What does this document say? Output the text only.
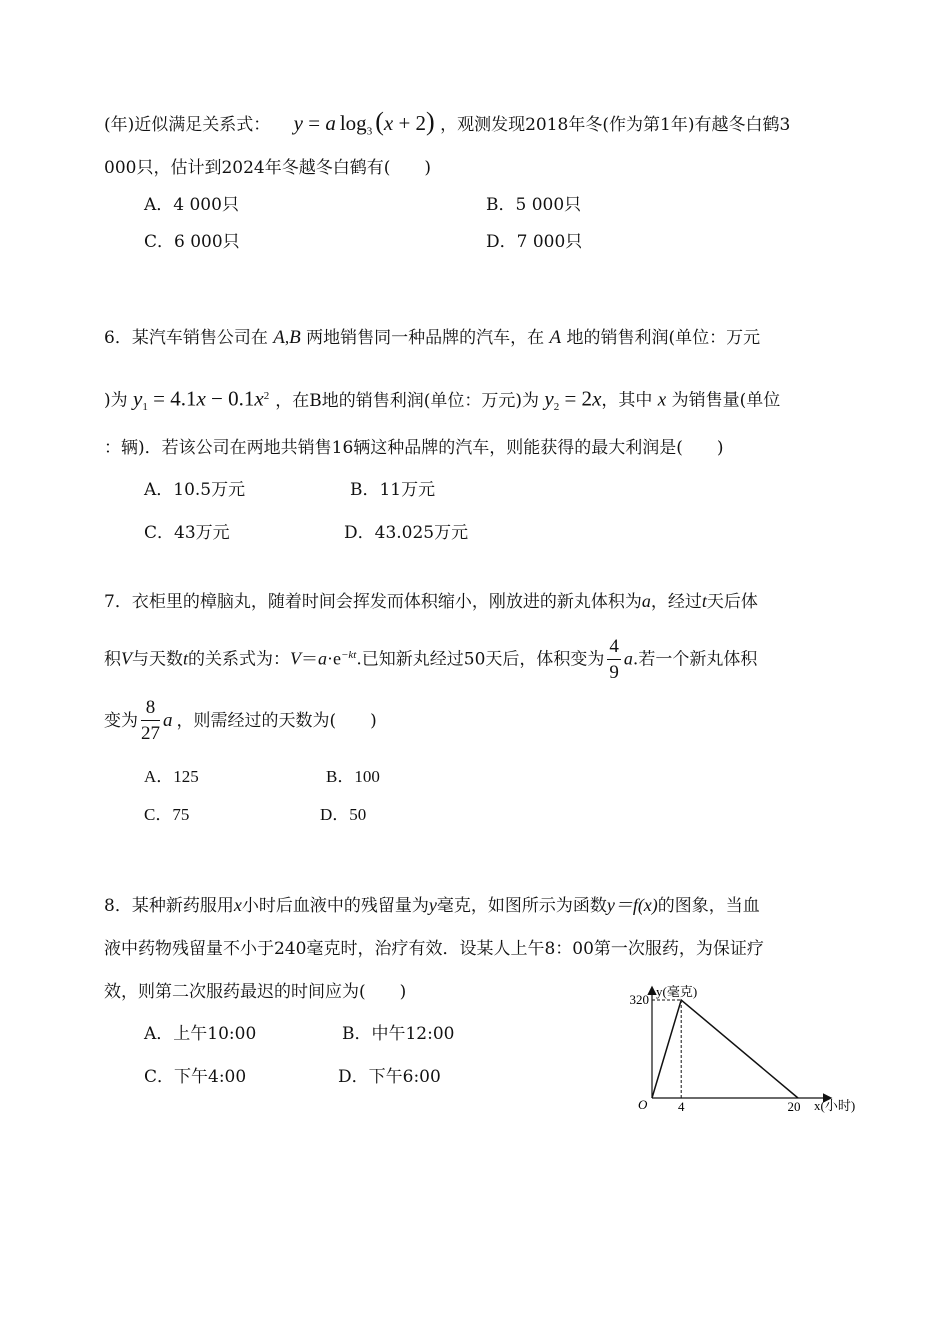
(年)近似满足关系式： y = a $\log_3 (x + 2)$ ，观测发现2018年冬(作为第1年)有越冬白鹤3
000只，估计到2024年冬越冬白鹤有(　　)
A．4 000只	B．5 000只
C．6 000只	D．7 000只
6．某汽车销售公司在 A,B 两地销售同一种品牌的汽车，在 A 地的销售利润(单位：万元
)为 $y_1 = 4.1x - 0.1x^2$ ，在B地的销售利润(单位：万元)为 $y_2 = 2x$，其中 x 为销售量(单位
：辆)．若该公司在两地共销售16辆这种品牌的汽车，则能获得的最大利润是(　　)
A．10.5万元	B．11万元
C．43万元	D．43.025万元
7．衣柜里的樟脑丸，随着时间会挥发而体积缩小，刚放进的新丸体积为a，经过t天后体
积V与天数t的关系式为：$V=a\cdot e^{-kt}$.已知新丸经过50天后，体积变为 $\frac{4}{9} a$.若一个新丸体积
变为 $\frac{8}{27}$ a ，则需经过的天数为(　　)
A．125	B．100
C．75	D．50
8．某种新药服用x小时后血液中的残留量为y毫克，如图所示为函数y＝f(x)的图象，当血
液中药物残留量不小于240毫克时，治疗有效．设某人上午8：00第一次服药，为保证疗
效，则第二次服药最迟的时间应为(　　)
A．上午10:00	B．中午12:00
C．下午4:00	D．下午6:00
y(毫克)
x(小时)
O 4	20
320
